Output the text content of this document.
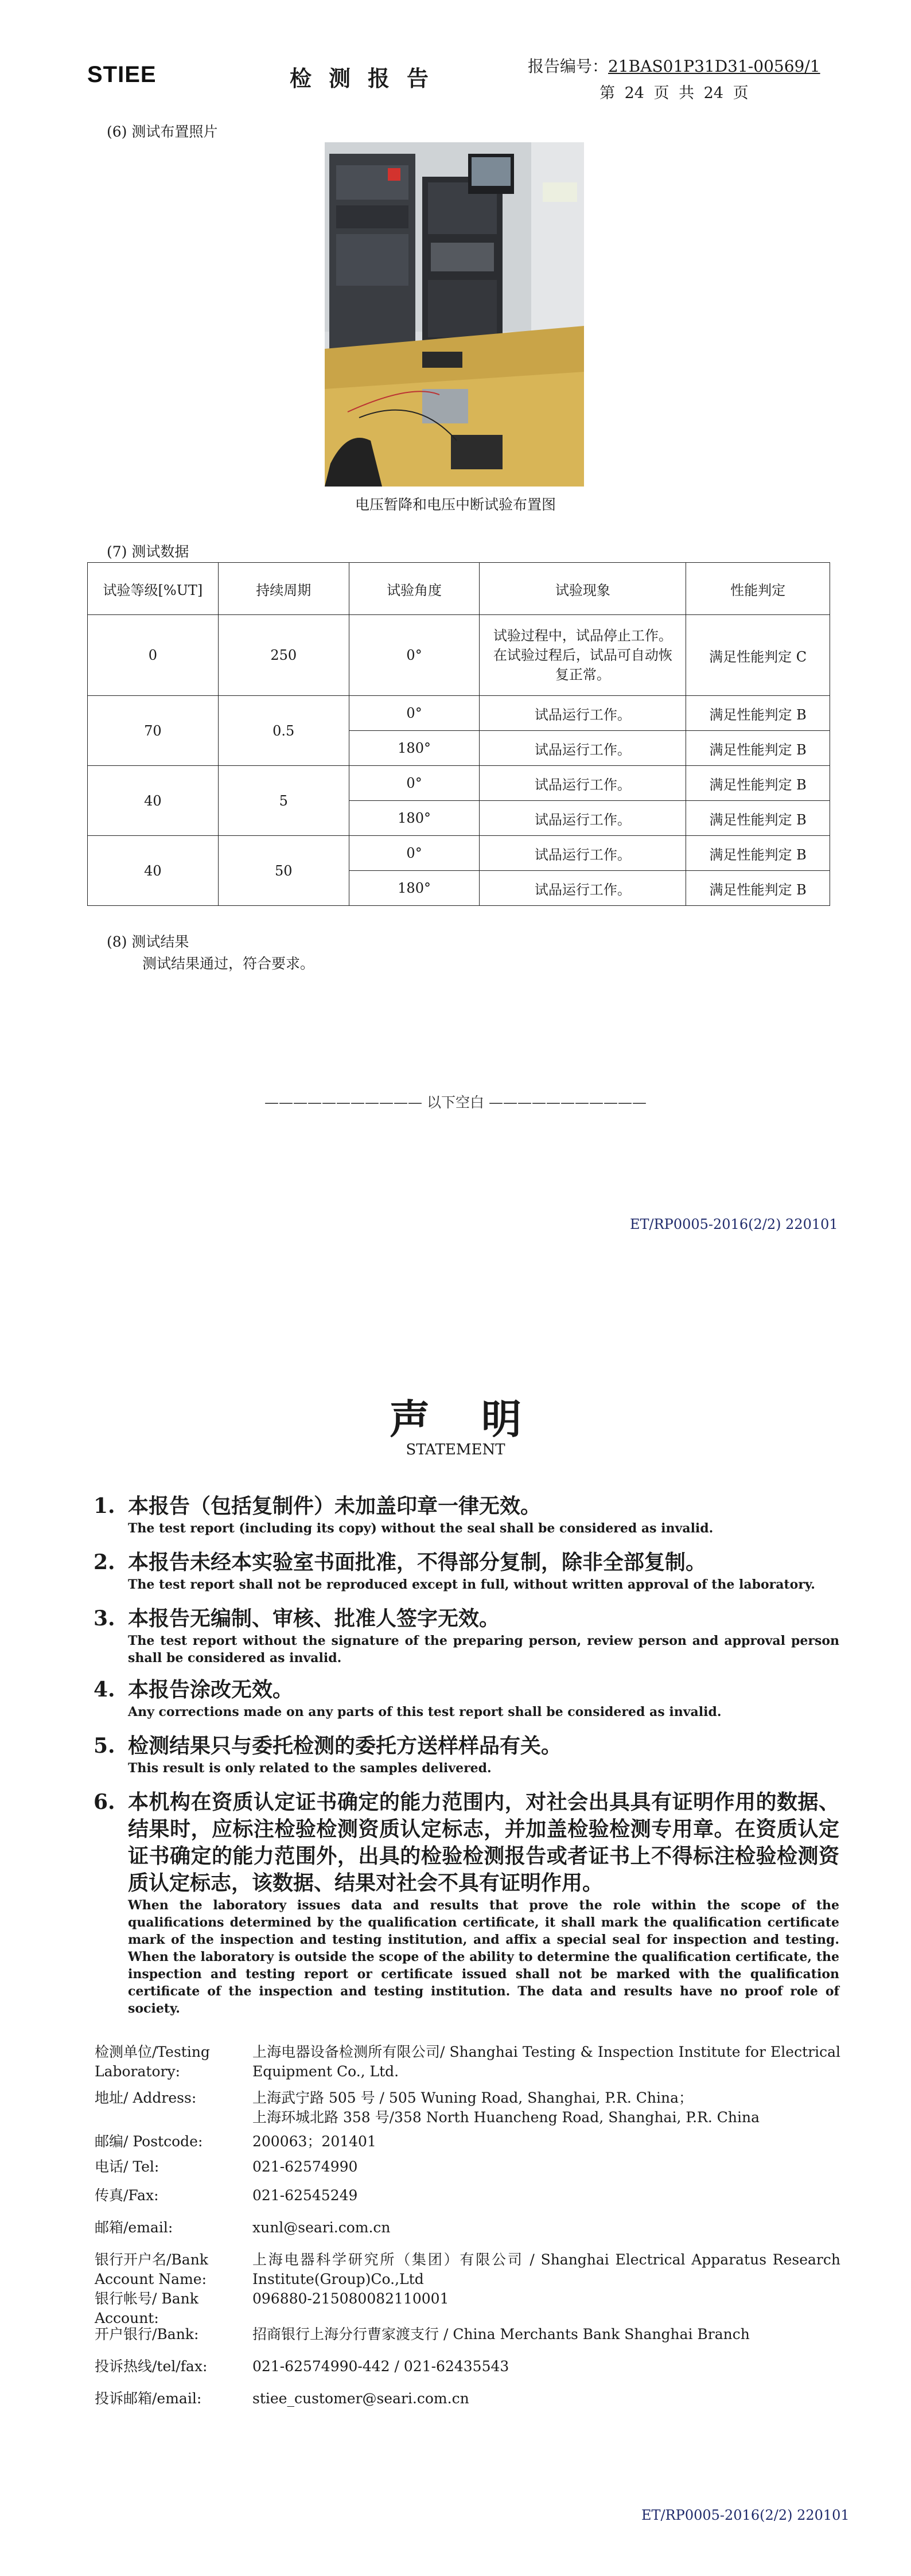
STIEE	检测报告	报告编号：21BAS01P31D31-00569/1
第 24 页 共 24 页
(6) 测试布置照片
电压暂降和电压中断试验布置图
(7) 测试数据
试验等级[%UT]	持续周期	试验角度	试验现象	性能判定
0	250	0°	试验过程中，试品停止工作。在试验过程后，试品可自动恢复正常。	满足性能判定 C
70	0.5	0°	试品运行工作。	满足性能判定 B
		180°	试品运行工作。	满足性能判定 B
40	5	0°	试品运行工作。	满足性能判定 B
		180°	试品运行工作。	满足性能判定 B
40	50	0°	试品运行工作。	满足性能判定 B
		180°	试品运行工作。	满足性能判定 B
(8) 测试结果
测试结果通过，符合要求。
——————————— 以下空白 ———————————
ET/RP0005-2016(2/2) 220101
声明
STATEMENT
1. 本报告（包括复制件）未加盖印章一律无效。
The test report (including its copy) without the seal shall be considered as invalid.
2. 本报告未经本实验室书面批准，不得部分复制，除非全部复制。
The test report shall not be reproduced except in full, without written approval of the laboratory.
3. 本报告无编制、审核、批准人签字无效。
The test report without the signature of the preparing person, review person and approval person shall be considered as invalid.
4. 本报告涂改无效。
Any corrections made on any parts of this test report shall be considered as invalid.
5. 检测结果只与委托检测的委托方送样样品有关。
This result is only related to the samples delivered.
6. 本机构在资质认定证书确定的能力范围内，对社会出具具有证明作用的数据、结果时，应标注检验检测资质认定标志，并加盖检验检测专用章。在资质认定证书确定的能力范围外，出具的检验检测报告或者证书上不得标注检验检测资质认定标志，该数据、结果对社会不具有证明作用。
When the laboratory issues data and results that prove the role within the scope of the qualifications determined by the qualification certificate, it shall mark the qualification certificate mark of the inspection and testing institution, and affix a special seal for inspection and testing. When the laboratory is outside the scope of the ability to determine the qualification certificate, the inspection and testing report or certificate issued shall not be marked with the qualification certificate of the inspection and testing institution. The data and results have no proof role of society.
检测单位/Testing Laboratory:
上海电器设备检测所有限公司/ Shanghai Testing & Inspection Institute for Electrical Equipment Co., Ltd.
地址/ Address:	上海武宁路 505 号 / 505 Wuning Road, Shanghai, P.R. China；
上海环城北路 358 号/358 North Huancheng Road, Shanghai, P.R. China
邮编/ Postcode:	200063；201401
电话/ Tel:	021-62574990
传真/Fax:	021-62545249
邮箱/email:	xunl@seari.com.cn
银行开户名/Bank Account Name:
上海电器科学研究所（集团）有限公司 / Shanghai Electrical Apparatus Research Institute(Group)Co.,Ltd
银行帐号/ Bank Account:
096880-215080082110001
开户银行/Bank:	招商银行上海分行曹家渡支行 / China Merchants Bank Shanghai Branch
投诉热线/tel/fax:	021-62574990-442 / 021-62435543
投诉邮箱/email:	stiee_customer@seari.com.cn
ET/RP0005-2016(2/2) 220101
